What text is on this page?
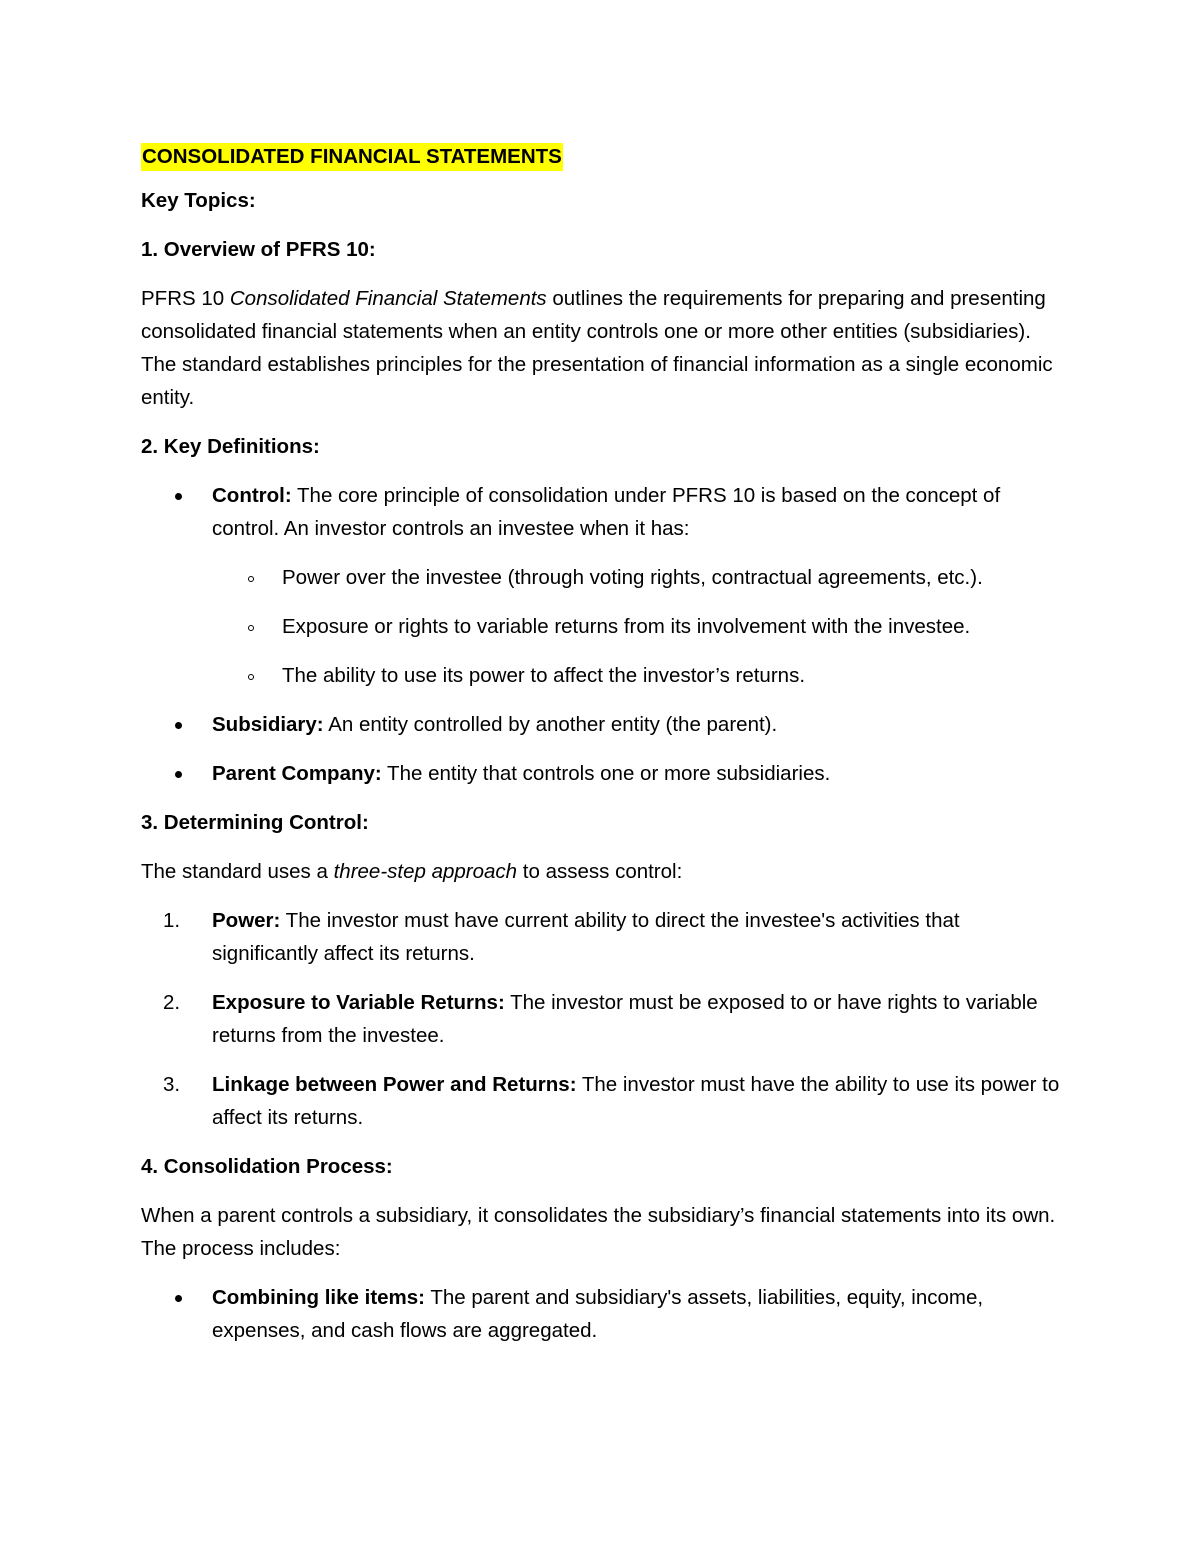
CONSOLIDATED FINANCIAL STATEMENTS

Key Topics:

1. Overview of PFRS 10:

PFRS 10 Consolidated Financial Statements outlines the requirements for preparing and presenting consolidated financial statements when an entity controls one or more other entities (subsidiaries). The standard establishes principles for the presentation of financial information as a single economic entity.

2. Key Definitions:

Control: The core principle of consolidation under PFRS 10 is based on the concept of control. An investor controls an investee when it has:
Power over the investee (through voting rights, contractual agreements, etc.).
Exposure or rights to variable returns from its involvement with the investee.
The ability to use its power to affect the investor’s returns.
Subsidiary: An entity controlled by another entity (the parent).
Parent Company: The entity that controls one or more subsidiaries.

3. Determining Control:

The standard uses a three-step approach to assess control:

1. Power: The investor must have current ability to direct the investee's activities that significantly affect its returns.
2. Exposure to Variable Returns: The investor must be exposed to or have rights to variable returns from the investee.
3. Linkage between Power and Returns: The investor must have the ability to use its power to affect its returns.

4. Consolidation Process:

When a parent controls a subsidiary, it consolidates the subsidiary’s financial statements into its own. The process includes:

Combining like items: The parent and subsidiary's assets, liabilities, equity, income, expenses, and cash flows are aggregated.
